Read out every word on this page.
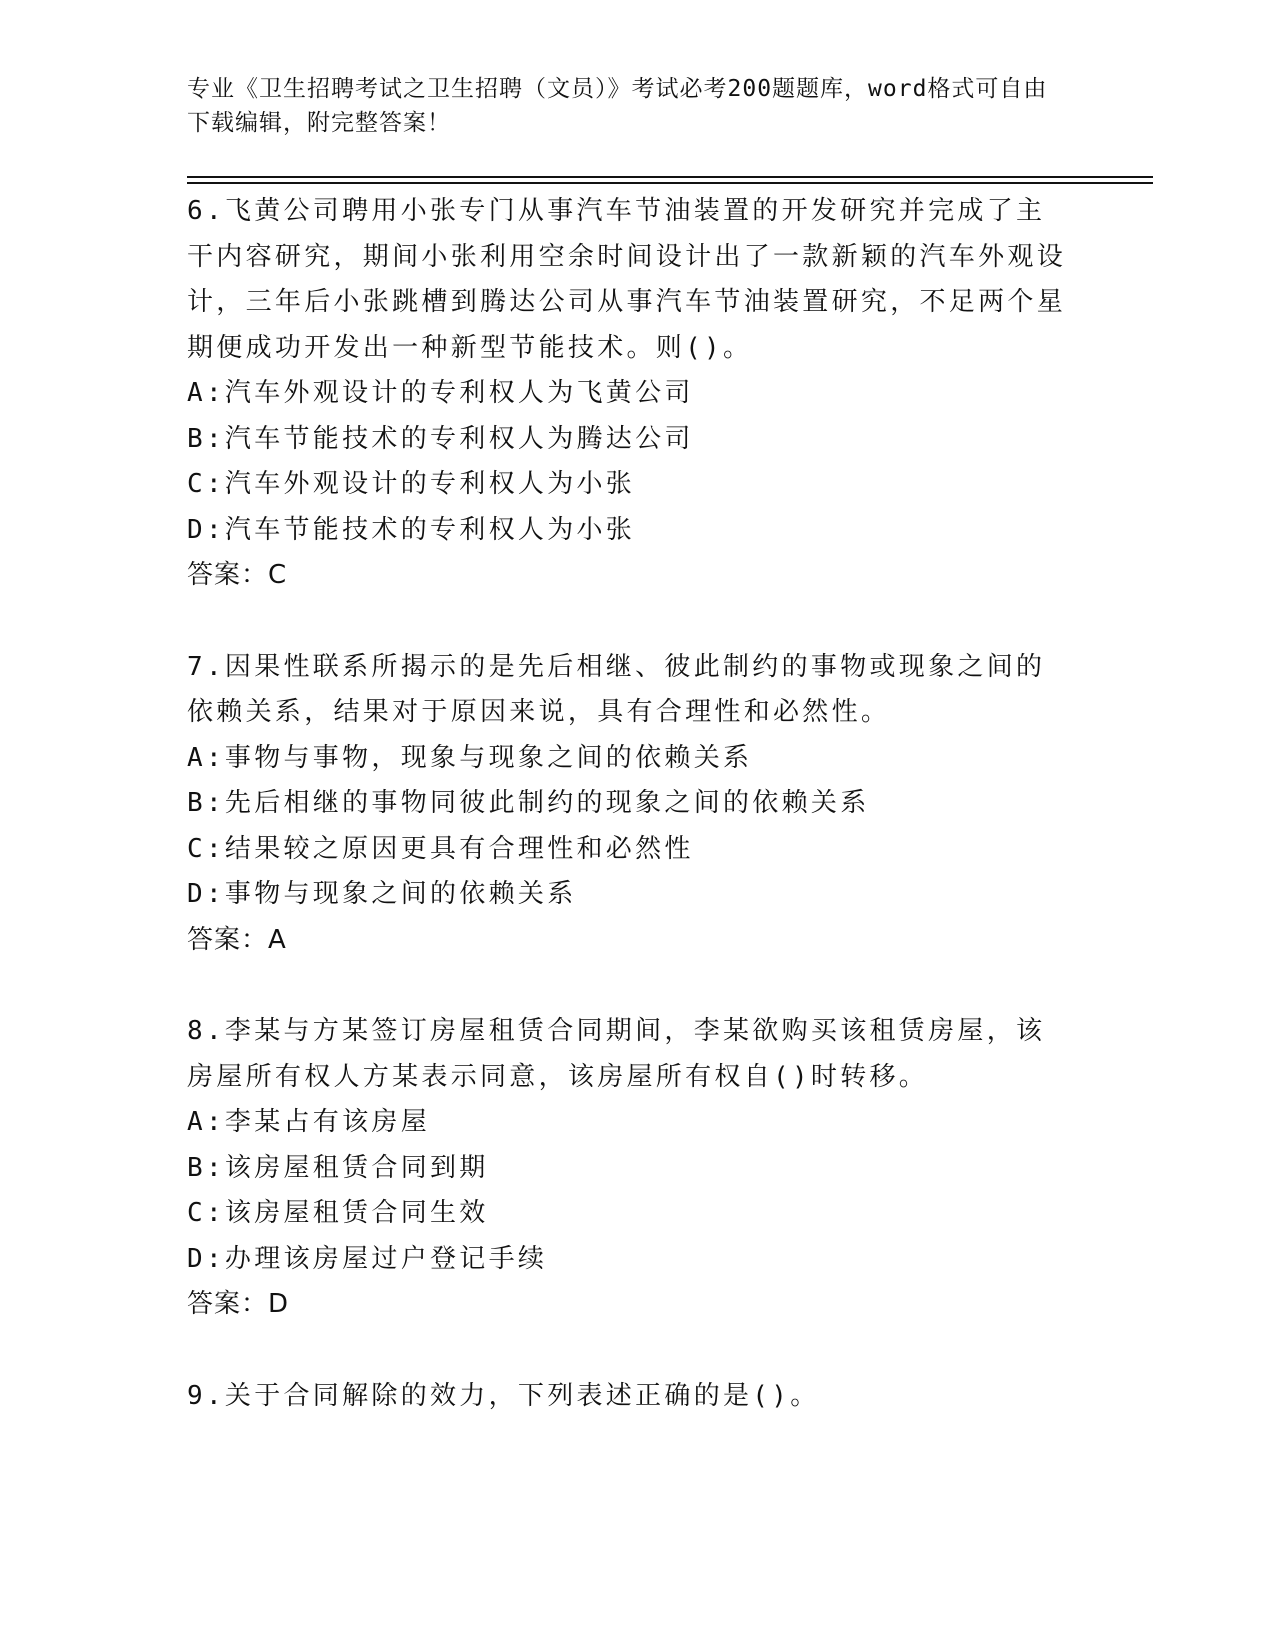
专业《卫生招聘考试之卫生招聘（文员）》考试必考200题题库，word格式可自由下载编辑，附完整答案！
6.飞黄公司聘用小张专门从事汽车节油装置的开发研究并完成了主干内容研究，期间小张利用空余时间设计出了一款新颖的汽车外观设计，三年后小张跳槽到腾达公司从事汽车节油装置研究，不足两个星期便成功开发出一种新型节能技术。则()。
A:汽车外观设计的专利权人为飞黄公司
B:汽车节能技术的专利权人为腾达公司
C:汽车外观设计的专利权人为小张
D:汽车节能技术的专利权人为小张
答案：C
7.因果性联系所揭示的是先后相继、彼此制约的事物或现象之间的依赖关系，结果对于原因来说，具有合理性和必然性。
A:事物与事物，现象与现象之间的依赖关系
B:先后相继的事物同彼此制约的现象之间的依赖关系
C:结果较之原因更具有合理性和必然性
D:事物与现象之间的依赖关系
答案：A
8.李某与方某签订房屋租赁合同期间，李某欲购买该租赁房屋，该房屋所有权人方某表示同意，该房屋所有权自()时转移。
A:李某占有该房屋
B:该房屋租赁合同到期
C:该房屋租赁合同生效
D:办理该房屋过户登记手续
答案：D
9.关于合同解除的效力，下列表述正确的是()。
